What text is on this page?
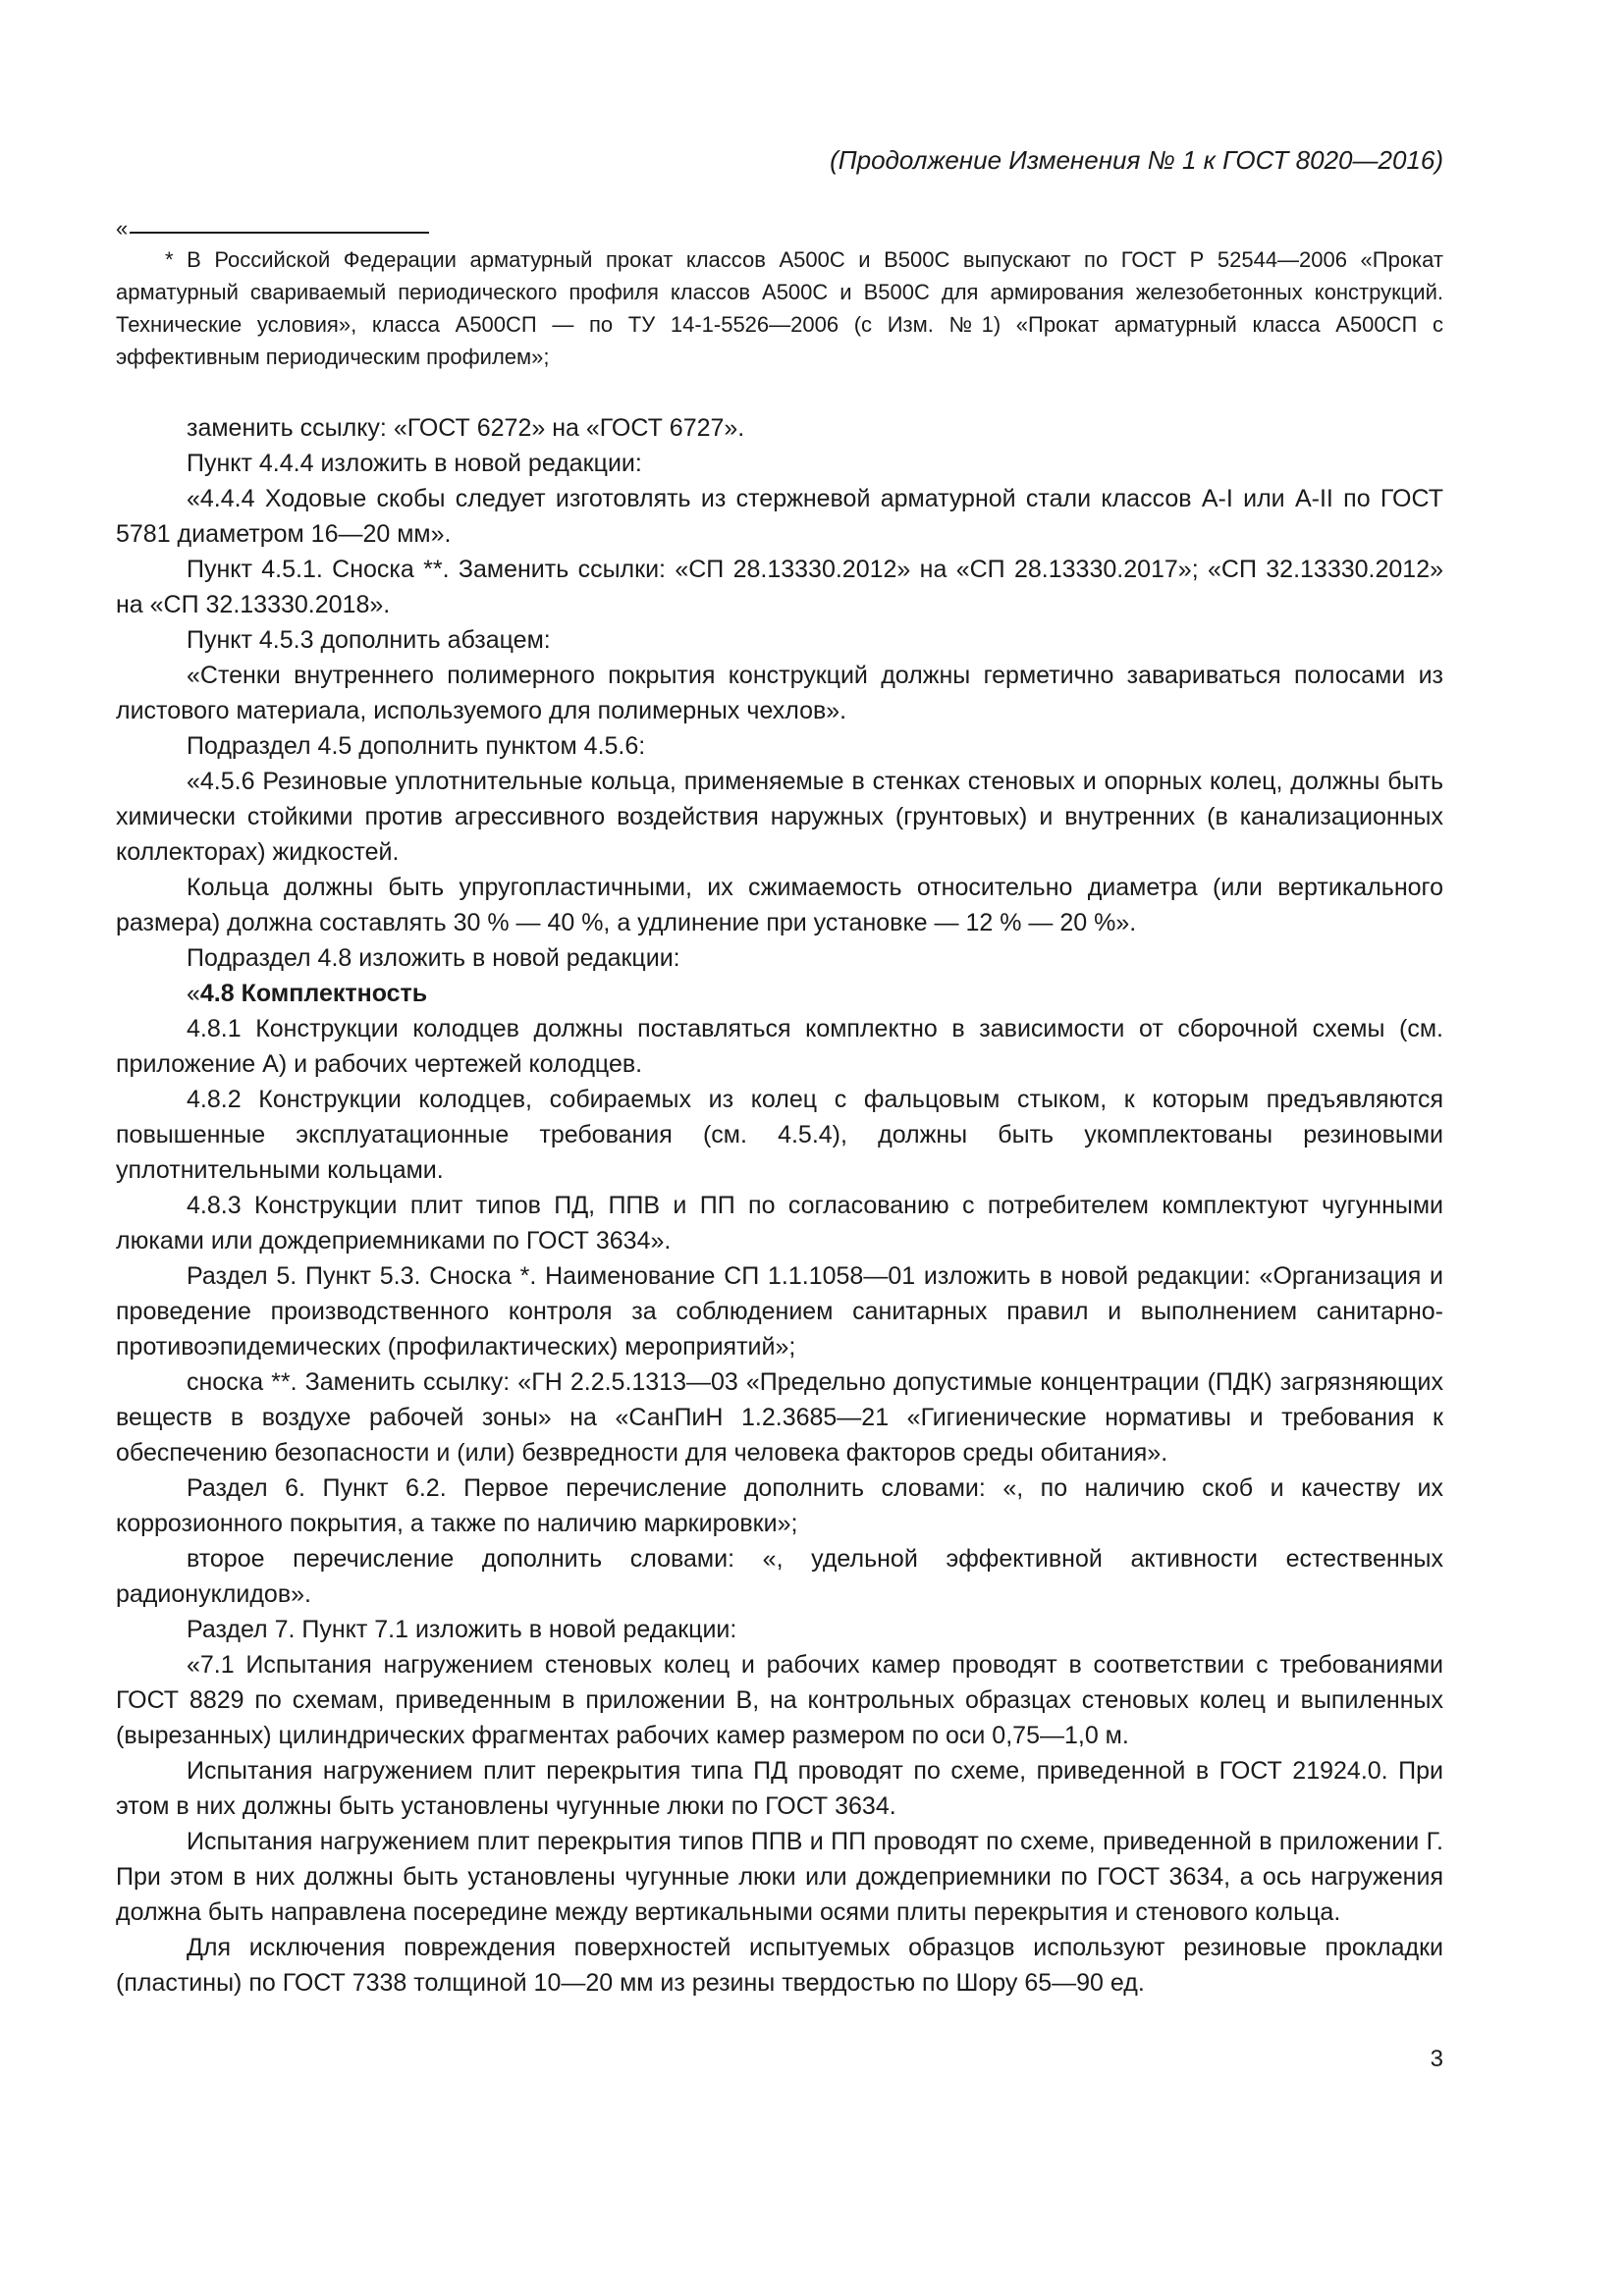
(Продолжение Изменения № 1 к ГОСТ 8020—2016)
«
* В Российской Федерации арматурный прокат классов А500С и В500С выпускают по ГОСТ Р 52544—2006 «Прокат арматурный свариваемый периодического профиля классов А500С и В500С для армирования железобетонных конструкций. Технические условия», класса А500СП — по ТУ 14-1-5526—2006 (с Изм. №1) «Прокат арматурный класса А500СП с эффективным периодическим профилем»;

заменить ссылку: «ГОСТ 6272» на «ГОСТ 6727».

Пункт 4.4.4 изложить в новой редакции:

«4.4.4 Ходовые скобы следует изготовлять из стержневой арматурной стали классов А-I или А-II по ГОСТ 5781 диаметром 16—20 мм».

Пункт 4.5.1. Сноска **. Заменить ссылки: «СП 28.13330.2012» на «СП 28.13330.2017»; «СП 32.13330.2012» на «СП 32.13330.2018».

Пункт 4.5.3 дополнить абзацем:

«Стенки внутреннего полимерного покрытия конструкций должны герметично завариваться полосами из листового материала, используемого для полимерных чехлов».

Подраздел 4.5 дополнить пунктом 4.5.6:

«4.5.6 Резиновые уплотнительные кольца, применяемые в стенках стеновых и опорных колец, должны быть химически стойкими против агрессивного воздействия наружных (грунтовых) и внутренних (в канализационных коллекторах) жидкостей.

Кольца должны быть упругопластичными, их сжимаемость относительно диаметра (или вертикального размера) должна составлять 30 % — 40 %, а удлинение при установке — 12 % — 20 %».

Подраздел 4.8 изложить в новой редакции:

«4.8 Комплектность

4.8.1 Конструкции колодцев должны поставляться комплектно в зависимости от сборочной схемы (см. приложение А) и рабочих чертежей колодцев.

4.8.2 Конструкции колодцев, собираемых из колец с фальцовым стыком, к которым предъявляются повышенные эксплуатационные требования (см. 4.5.4), должны быть укомплектованы резиновыми уплотнительными кольцами.

4.8.3 Конструкции плит типов ПД, ППВ и ПП по согласованию с потребителем комплектуют чугунными люками или дождеприемниками по ГОСТ 3634».

Раздел 5. Пункт 5.3. Сноска *. Наименование СП 1.1.1058—01 изложить в новой редакции: «Организация и проведение производственного контроля за соблюдением санитарных правил и выполнением санитарно-противоэпидемических (профилактических) мероприятий»;

сноска **. Заменить ссылку: «ГН 2.2.5.1313—03 «Предельно допустимые концентрации (ПДК) загрязняющих веществ в воздухе рабочей зоны» на «СанПиН 1.2.3685—21 «Гигиенические нормативы и требования к обеспечению безопасности и (или) безвредности для человека факторов среды обитания».

Раздел 6. Пункт 6.2. Первое перечисление дополнить словами: «, по наличию скоб и качеству их коррозионного покрытия, а также по наличию маркировки»;

второе перечисление дополнить словами: «, удельной эффективной активности естественных радионуклидов».

Раздел 7. Пункт 7.1 изложить в новой редакции:

«7.1 Испытания нагружением стеновых колец и рабочих камер проводят в соответствии с требованиями ГОСТ 8829 по схемам, приведенным в приложении В, на контрольных образцах стеновых колец и выпиленных (вырезанных) цилиндрических фрагментах рабочих камер размером по оси 0,75—1,0 м.

Испытания нагружением плит перекрытия типа ПД проводят по схеме, приведенной в ГОСТ 21924.0. При этом в них должны быть установлены чугунные люки по ГОСТ 3634.

Испытания нагружением плит перекрытия типов ППВ и ПП проводят по схеме, приведенной в приложении Г. При этом в них должны быть установлены чугунные люки или дождеприемники по ГОСТ 3634, а ось нагружения должна быть направлена посередине между вертикальными осями плиты перекрытия и стенового кольца.

Для исключения повреждения поверхностей испытуемых образцов используют резиновые прокладки (пластины) по ГОСТ 7338 толщиной 10—20 мм из резины твердостью по Шору 65—90 ед.

3
